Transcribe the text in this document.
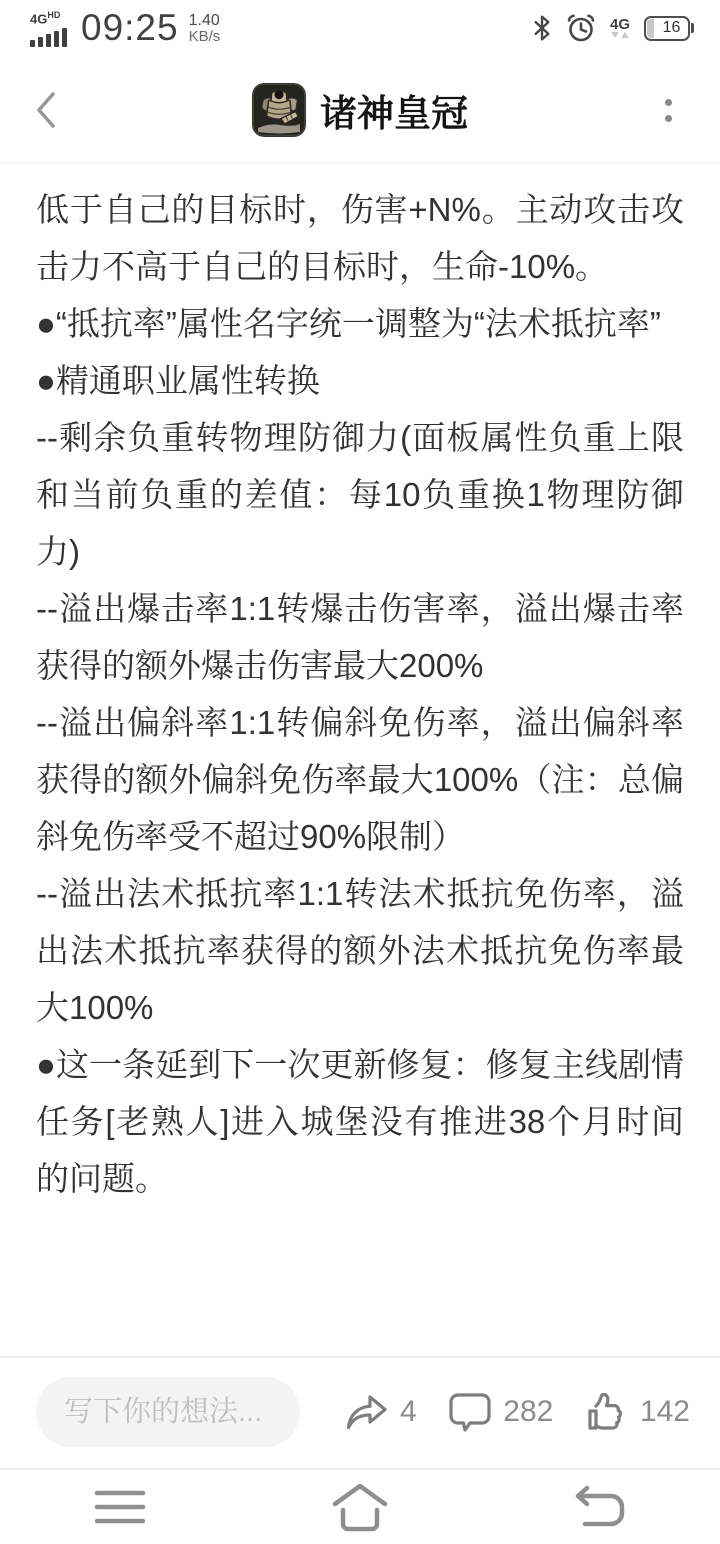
$4G^{HD}$ 09:25 1.40
KB/s
4G	16
诸神皇冠

低于自己的目标时，伤害+N%。主动攻击攻击力不高于自己的目标时，生命-10%。

●“抵抗率”属性名字统一调整为“法术抵抗率”

●精通职业属性转换

--剩余负重转物理防御力(面板属性负重上限和当前负重的差值：每10负重换1物理防御力)

--溢出爆击率1:1转爆击伤害率，溢出爆击率获得的额外爆击伤害最大200%

--溢出偏斜率1:1转偏斜免伤率，溢出偏斜率获得的额外偏斜免伤率最大100%（注：总偏斜免伤率受不超过90%限制）

--溢出法术抵抗率1:1转法术抵抗免伤率，溢出法术抵抗率获得的额外法术抵抗免伤率最大100%

●这一条延到下一次更新修复：修复主线剧情任务[老熟人]进入城堡没有推进38个月时间的问题。

写下你的想法...
4	282	142
